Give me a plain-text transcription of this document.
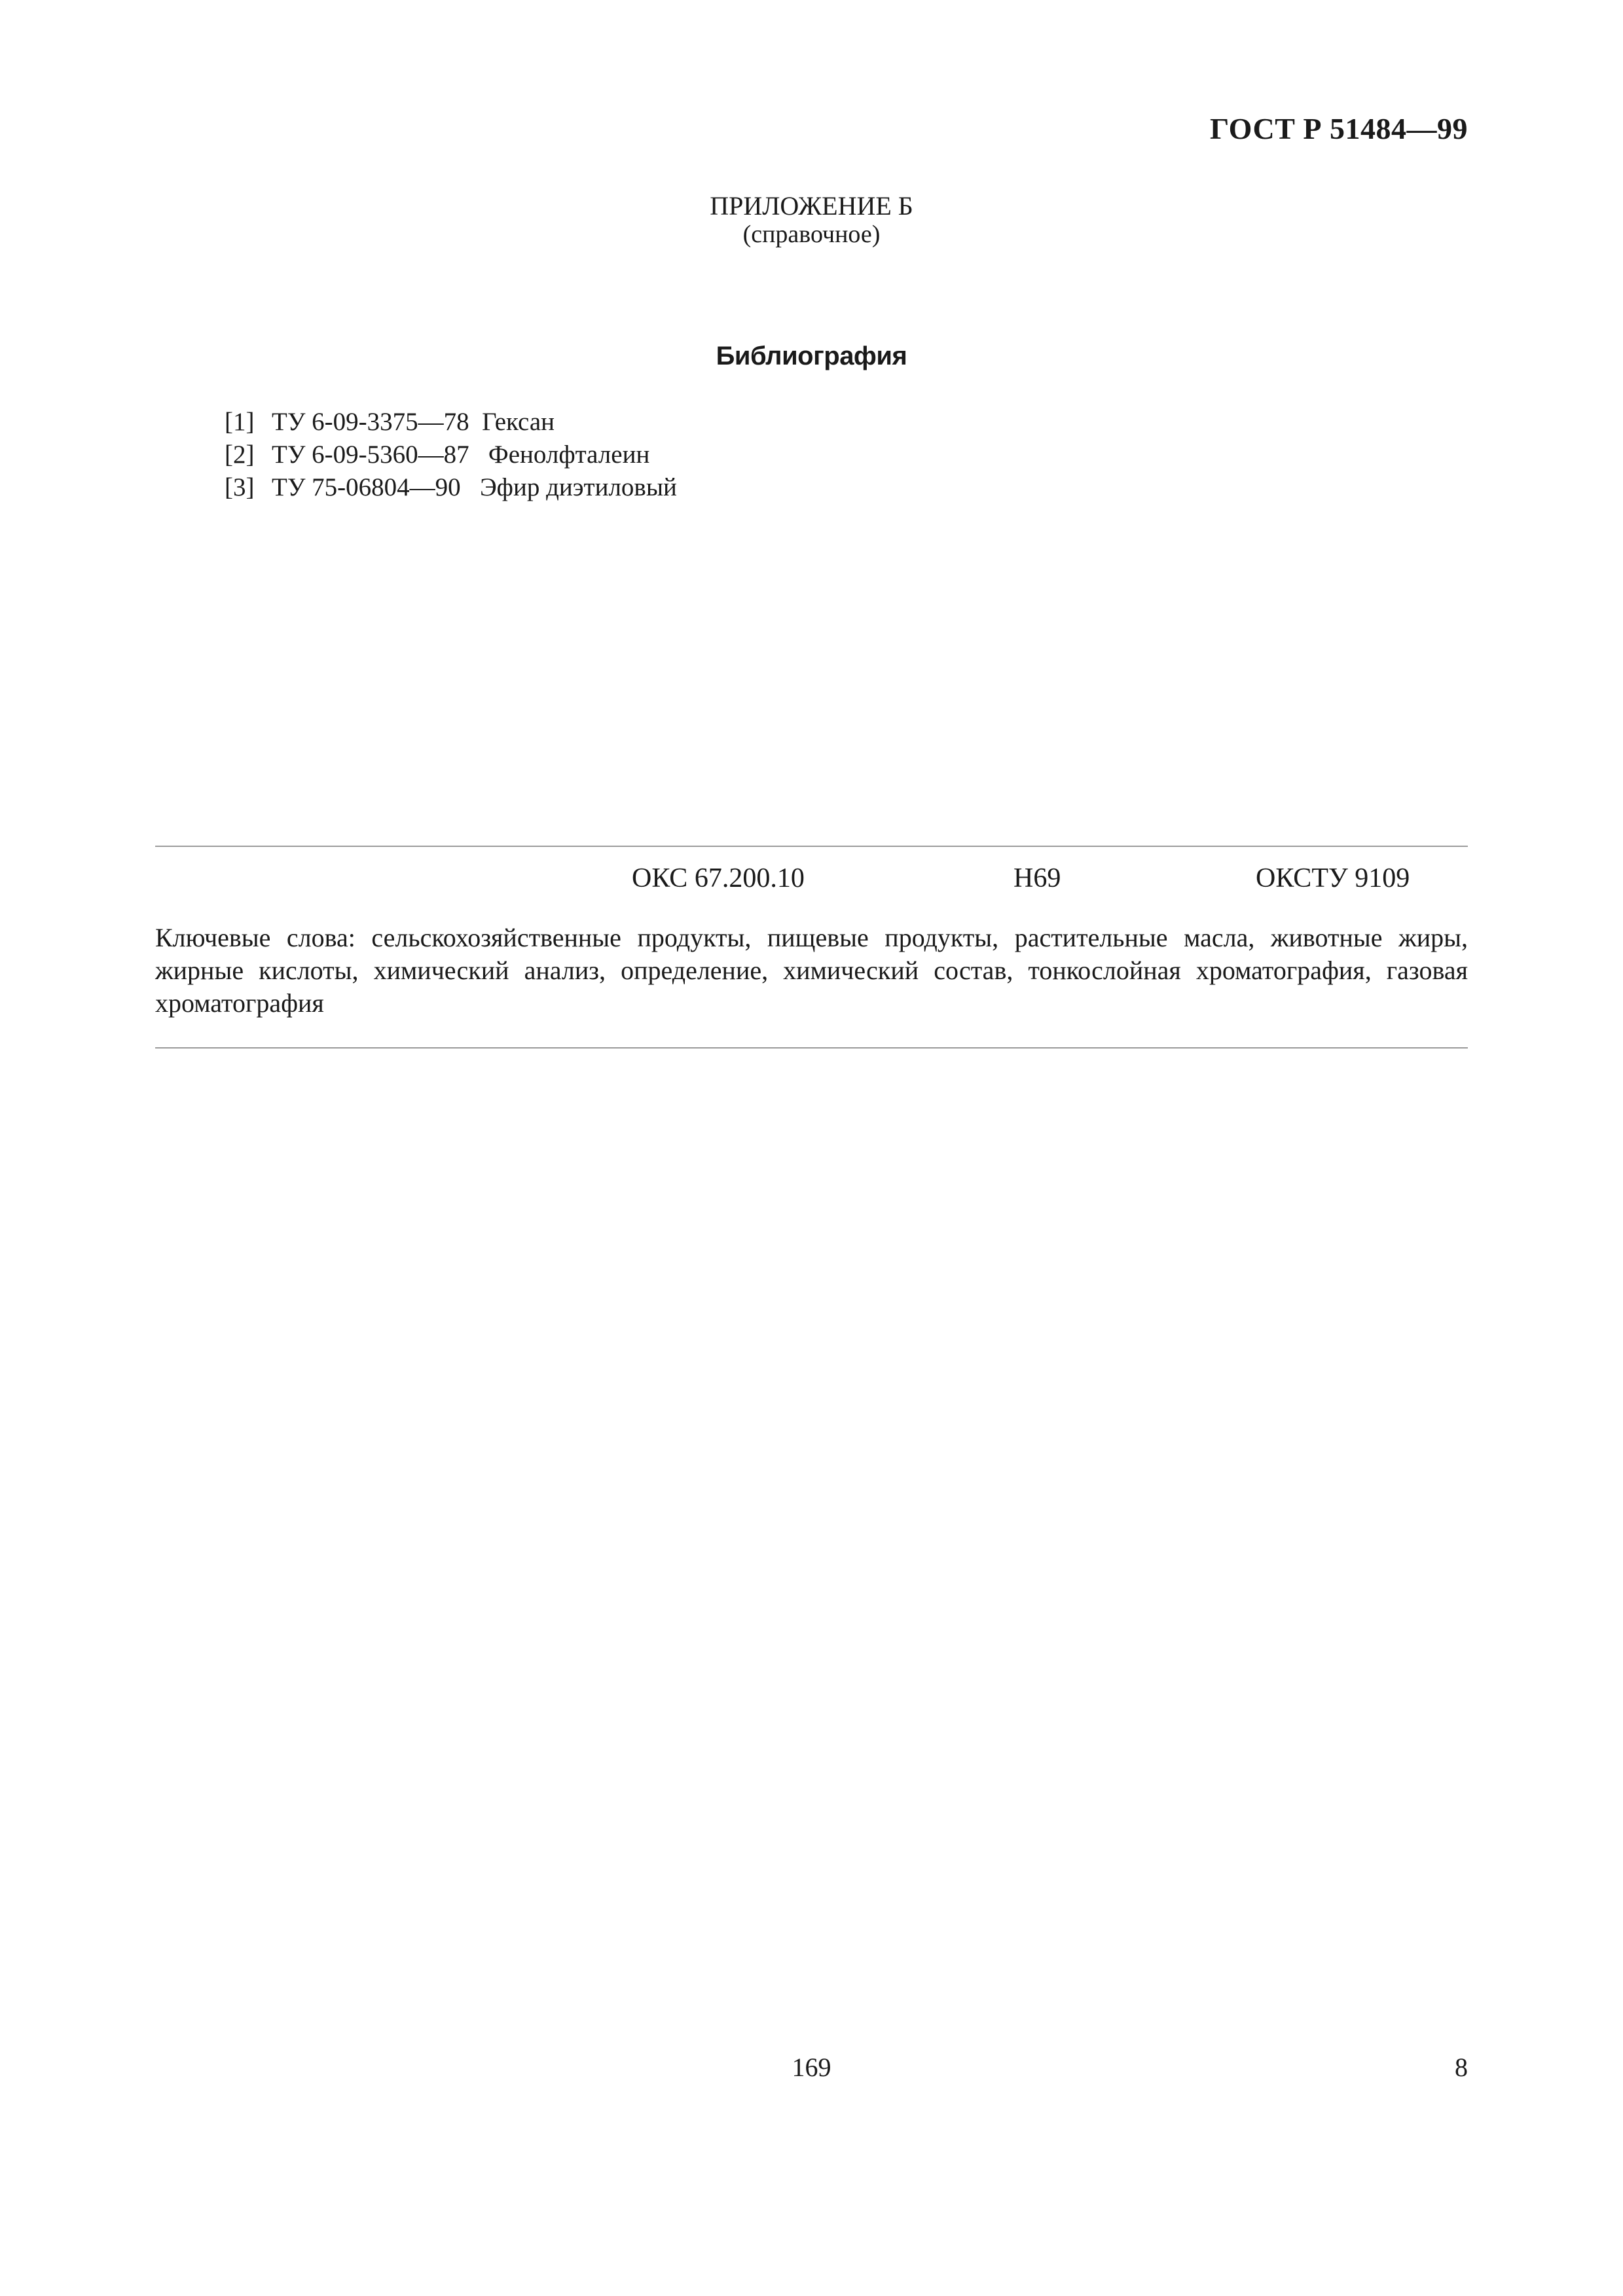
ГОСТ Р 51484—99
ПРИЛОЖЕНИЕ Б
(справочное)
Библиография
[1] ТУ 6-09-3375—78 Гексан
[2] ТУ 6-09-5360—87 Фенолфталеин
[3] ТУ 75-06804—90 Эфир диэтиловый
ОКС 67.200.10	Н69	ОКСТУ 9109
Ключевые слова: сельскохозяйственные продукты, пищевые продукты, растительные масла, животные жиры, жирные кислоты, химический анализ, определение, химический состав, тонкослойная хроматография, газовая хроматография
169	8
